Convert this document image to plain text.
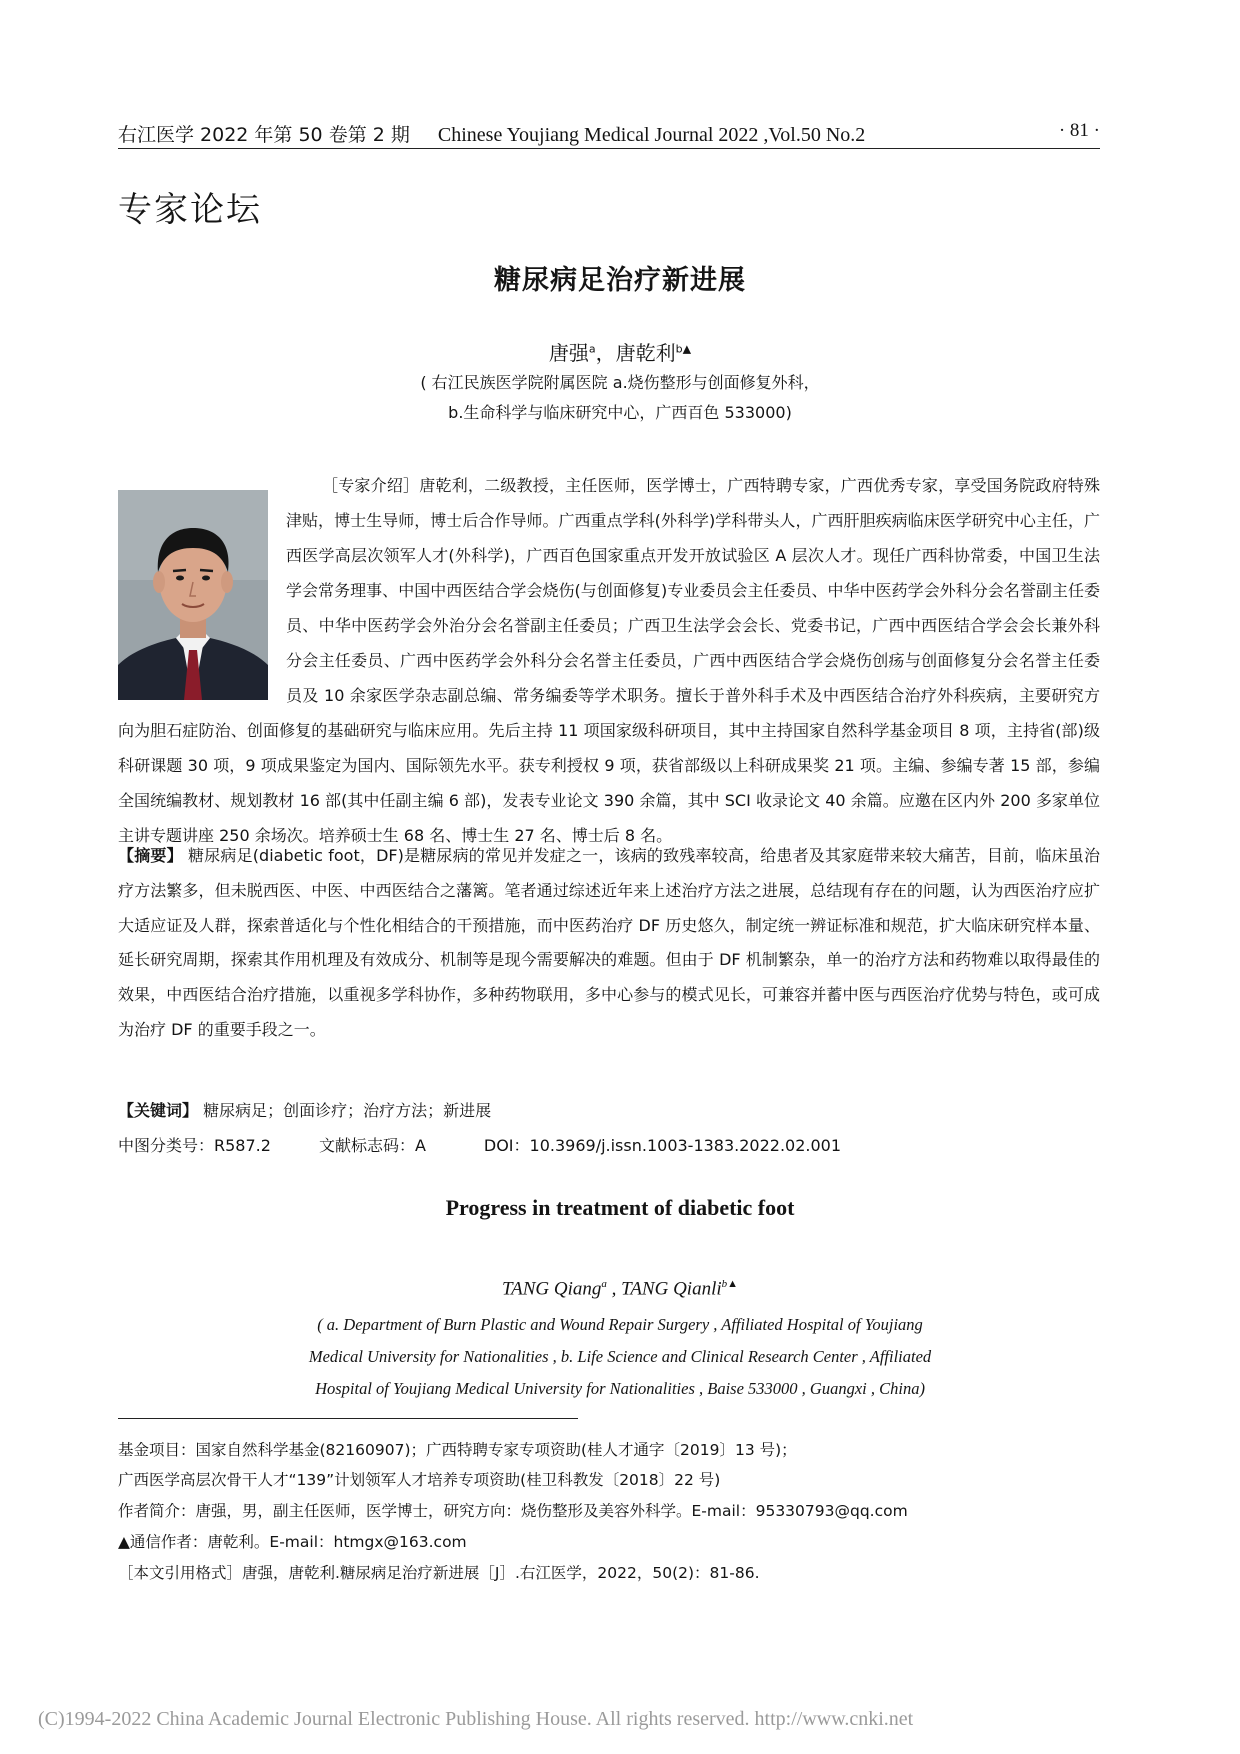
右江医学 2022 年第 50 卷第 2 期 Chinese Youjiang Medical Journal 2022 ,Vol.50 No.2	· 81 ·
专家论坛
糖尿病足治疗新进展
唐强$^a$，唐乾利$^{b▲}$
( 右江民族医学院附属医院 a.烧伤整形与创面修复外科，
b.生命科学与临床研究中心，广西百色 533000)

［专家介绍］唐乾利，二级教授，主任医师，医学博士，广西特聘专家，广西优秀专家，享受国务院政府特殊津贴，博士生导师，博士后合作导师。广西重点学科(外科学)学科带头人，广西肝胆疾病临床医学研究中心主任，广西医学高层次领军人才(外科学)，广西百色国家重点开发开放试验区 A 层次人才。现任广西科协常委，中国卫生法学会常务理事、中国中西医结合学会烧伤(与创面修复)专业委员会主任委员、中华中医药学会外科分会名誉副主任委员、中华中医药学会外治分会名誉副主任委员；广西卫生法学会会长、党委书记，广西中西医结合学会会长兼外科分会主任委员、广西中医药学会外科分会名誉主任委员，广西中西医结合学会烧伤创疡与创面修复分会名誉主任委员及 10 余家医学杂志副总编、常务编委等学术职务。擅长于普外科手术及中西医结合治疗外科疾病，主要研究方向为胆石症防治、创面修复的基础研究与临床应用。先后主持 11 项国家级科研项目，其中主持国家自然科学基金项目 8 项，主持省(部)级科研课题 30 项，9 项成果鉴定为国内、国际领先水平。获专利授权 9 项，获省部级以上科研成果奖 21 项。主编、参编专著 15 部，参编全国统编教材、规划教材 16 部(其中任副主编 6 部)，发表专业论文 390 余篇，其中 SCI 收录论文 40 余篇。应邀在区内外 200 多家单位主讲专题讲座 250 余场次。培养硕士生 68 名、博士生 27 名、博士后 8 名。

【摘要】 糖尿病足(diabetic foot，DF)是糖尿病的常见并发症之一，该病的致残率较高，给患者及其家庭带来较大痛苦，目前，临床虽治疗方法繁多，但未脱西医、中医、中西医结合之藩篱。笔者通过综述近年来上述治疗方法之进展，总结现有存在的问题，认为西医治疗应扩大适应证及人群，探索普适化与个性化相结合的干预措施，而中医药治疗 DF 历史悠久，制定统一辨证标准和规范，扩大临床研究样本量、延长研究周期，探索其作用机理及有效成分、机制等是现今需要解决的难题。但由于 DF 机制繁杂，单一的治疗方法和药物难以取得最佳的效果，中西医结合治疗措施，以重视多学科协作，多种药物联用，多中心参与的模式见长，可兼容并蓄中医与西医治疗优势与特色，或可成为治疗 DF 的重要手段之一。
【关键词】 糖尿病足；创面诊疗；治疗方法；新进展
中图分类号：R587.2	文献标志码：A	DOI：10.3969/j.issn.1003-1383.2022.02.001
Progress in treatment of diabetic foot
TANG Qiang$^a$ , TANG Qianli$^{b▲}$
( a. Department of Burn Plastic and Wound Repair Surgery , Affiliated Hospital of Youjiang
Medical University for Nationalities , b. Life Science and Clinical Research Center , Affiliated
Hospital of Youjiang Medical University for Nationalities , Baise 533000 , Guangxi , China)
基金项目：国家自然科学基金(82160907)；广西特聘专家专项资助(桂人才通字〔2019〕13 号)；
广西医学高层次骨干人才“139”计划领军人才培养专项资助(桂卫科教发〔2018〕22 号)
作者简介：唐强，男，副主任医师，医学博士，研究方向：烧伤整形及美容外科学。E-mail：95330793@qq.com
▲通信作者：唐乾利。E-mail：htmgx@163.com
［本文引用格式］唐强，唐乾利.糖尿病足治疗新进展［J］.右江医学，2022，50(2)：81-86.
(C)1994-2022 China Academic Journal Electronic Publishing House. All rights reserved. http://www.cnki.net
